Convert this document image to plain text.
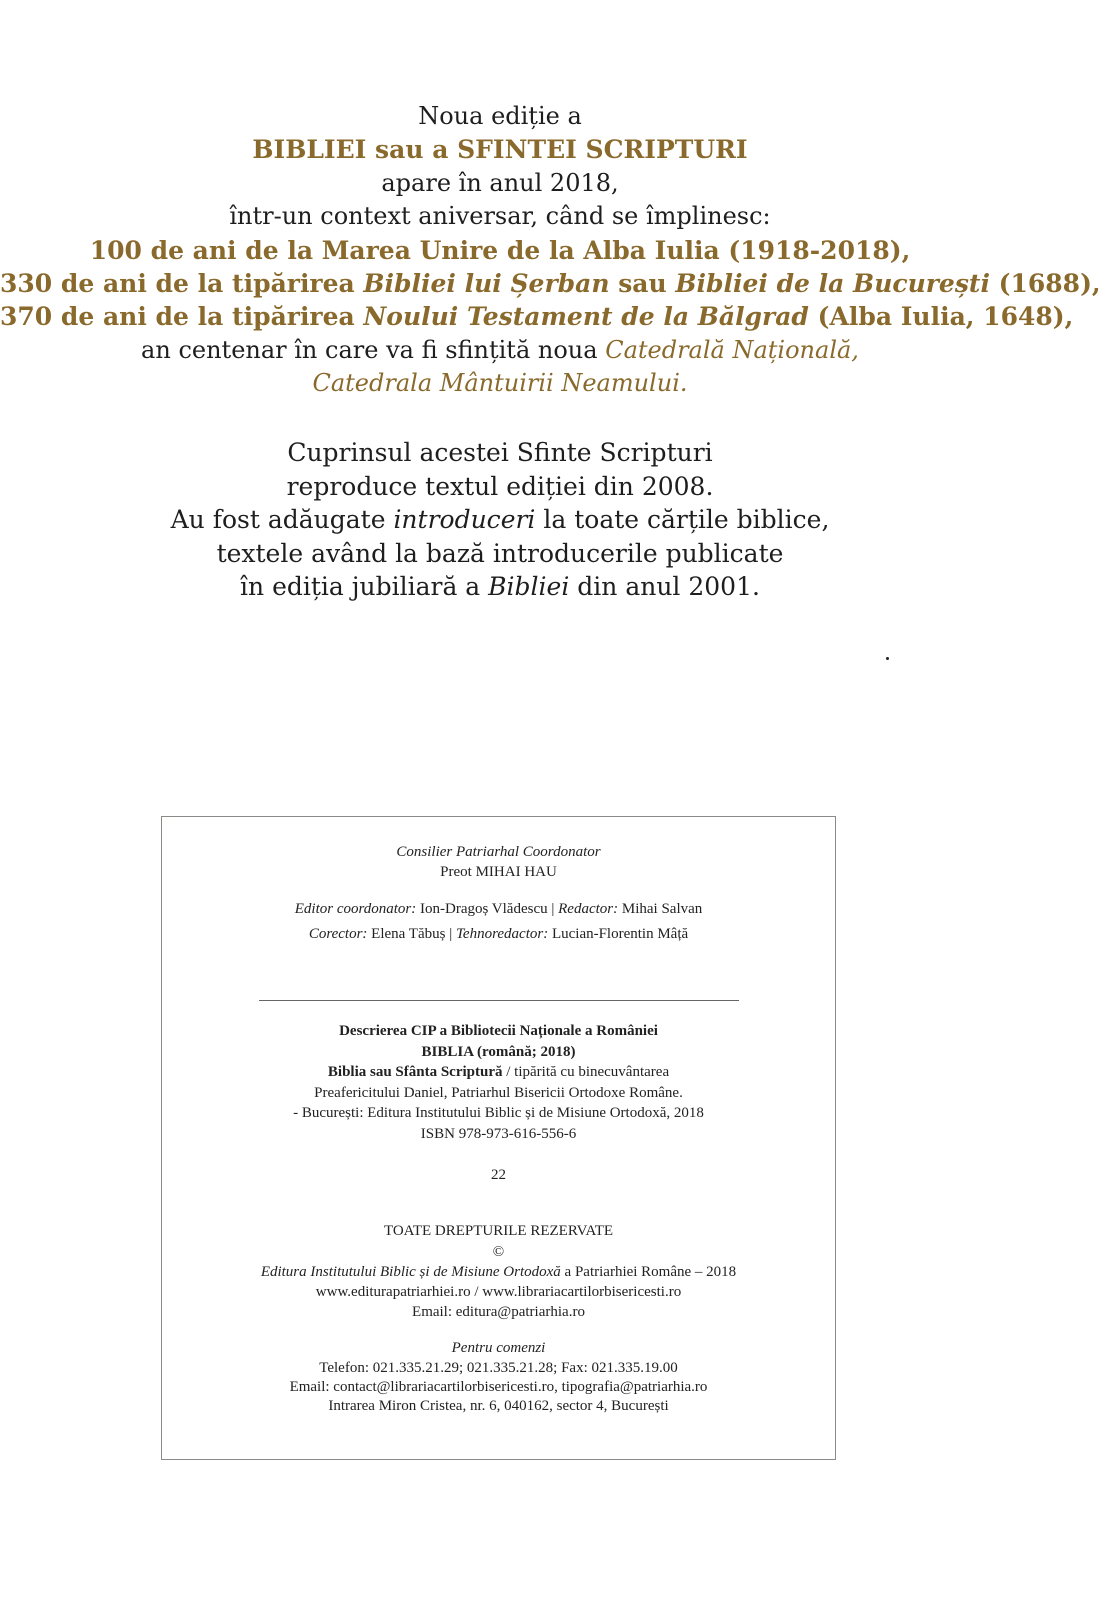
Noua ediție a
BIBLIEI sau a SFINTEI SCRIPTURI
apare în anul 2018,
într-un context aniversar, când se împlinesc:
100 de ani de la Marea Unire de la Alba Iulia (1918-2018),
330 de ani de la tipărirea Bibliei lui Șerban sau Bibliei de la București (1688),
370 de ani de la tipărirea Noului Testament de la Bălgrad (Alba Iulia, 1648),
an centenar în care va fi sfințită noua Catedrală Națională,
Catedrala Mântuirii Neamului.
Cuprinsul acestei Sfinte Scripturi
reproduce textul ediției din 2008.
Au fost adăugate introduceri la toate cărțile biblice,
textele având la bază introducerile publicate
în ediția jubiliară a Bibliei din anul 2001.
Consilier Patriarhal Coordonator
Preot MIHAI HAU
Editor coordonator: Ion-Dragoș Vlădescu | Redactor: Mihai Salvan
Corector: Elena Tăbuș | Tehnoredactor: Lucian-Florentin Mâță
Descrierea CIP a Bibliotecii Naționale a României
BIBLIA (română; 2018)
Biblia sau Sfânta Scriptură / tipărită cu binecuvântarea
Preafericitului Daniel, Patriarhul Bisericii Ortodoxe Române.
- București: Editura Institutului Biblic și de Misiune Ortodoxă, 2018
ISBN 978-973-616-556-6
22
TOATE DREPTURILE REZERVATE
©
Editura Institutului Biblic și de Misiune Ortodoxă a Patriarhiei Române – 2018
www.editurapatriarhiei.ro / www.librariacartilorbisericesti.ro
Email: editura@patriarhia.ro
Pentru comenzi
Telefon: 021.335.21.29; 021.335.21.28; Fax: 021.335.19.00
Email: contact@librariacartilorbisericesti.ro, tipografia@patriarhia.ro
Intrarea Miron Cristea, nr. 6, 040162, sector 4, București
